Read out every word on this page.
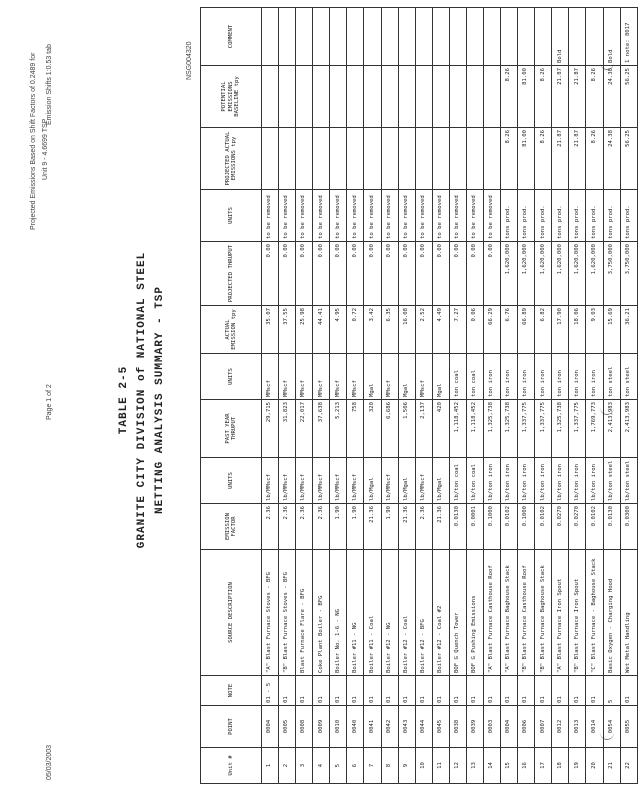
TABLE 2-5 GRANITE CITY DIVISION of NATIONAL STEEL NETTING ANALYSIS SUMMARY - TSP
Projected Emissions Based on Shift Factors of 0.2489 for Unit 9 - 4.6699 TSP
NSG004320
05/03/2003
Page 1 of 2
Emission Shifts 1:0.53 tab
Unit #	POINT	NOTE	SOURCE DESCRIPTION	EMISSION FACTOR	UNITS	PAST YEAR THRUPUT	UNITS	ACTUAL EMISSION tpy	PROJECTED THRUPUT	UNITS	PROJECTED ACTUAL EMISSIONS tpy	POTENTIAL EMISSIONS BASELINE tpy	COMMENT
1	0004	01 - 5	"A" Blast Furnace Stoves - BFG	2.36	lb/MMscf	29,715	MMscf	35.07	0.00	to be removed			
2	0005	01	"B" Blast Furnace Stoves - BFG	2.36	lb/MMscf	31,823	MMscf	37.55	0.00	to be removed			
3	0008	01	Blast Furnace Flare - BFG	2.36	lb/MMscf	22,017	MMscf	25.98	0.00	to be removed			
4	0009	01	Coke Plant Boiler - BFG	2.36	lb/MMscf	37,638	MMscf	44.41	0.00	to be removed			
5	0010	01	Boiler No. 1-6 - NG	1.90	lb/MMscf	5,213	MMscf	4.95	0.00	to be removed			
6	0040	01	Boiler #11 - NG	1.90	lb/MMscf	758	MMscf	0.72	0.00	to be removed			
7	0041	01	Boiler #11 - Coal	21.36	lb/Mgal	320	Mgal	3.42	0.00	to be removed			
8	0042	01	Boiler #12 - NG	1.90	lb/MMscf	6,686	MMscf	6.35	0.00	to be removed			
9	0043	01	Boiler #12 - Coal	21.36	lb/Mgal	1,506	Mgal	16.08	0.00	to be removed			
10	0044	01	Boiler #12 - BFG	2.36	lb/MMscf	2,137	MMscf	2.52	0.00	to be removed			
11	0045	01	Boiler #12 - Coal #2	21.36	lb/Mgal	420	Mgal	4.49	0.00	to be removed			
12	0038	01	BOF G Quench Tower	0.0130	lb/ton coal	1,118,452	ton coal	7.27	0.00	to be removed			
13	0039	01	BOF G Pushing Emissions	0.0001	lb/ton coal	1,118,452	ton coal	0.06	0.00	to be removed			
14	0003	01	"A" Blast Furnace Casthouse Roof	0.1000	lb/ton iron	1,325,738	ton iron	66.29	0.00	to be removed			
15	0004	01	"A" Blast Furnace Baghouse Stack	0.0102	lb/ton iron	1,325,738	ton iron	6.76	1,620,000	tons prod.	8.26	8.26	
16	0006	01	"B" Blast Furnace Casthouse Roof	0.1000	lb/ton iron	1,337,775	ton iron	66.89	1,620,000	tons prod.	81.00	81.00	
17	0007	01	"B" Blast Furnace Baghouse Stack	0.0102	lb/ton iron	1,337,775	ton iron	6.82	1,620,000	tons prod.	8.26	8.26	
18	0012	01	"A" Blast Furnace Iron Spout	0.0270	lb/ton iron	1,325,738	ton iron	17.90	1,620,000	tons prod.	21.87	21.87	Bold
19	0013	01	"B" Blast Furnace Iron Spout	0.0270	lb/ton iron	1,337,775	ton iron	18.06	1,620,000	tons prod.	21.87	21.87	
20	0014	01	"C" Blast Furnace - Baghouse Stack	0.0102	lb/ton iron	1,769,773	ton iron	9.03	1,620,000	tons prod.	8.26	8.26	
21	0054	5	Basic Oxygen - Charging Hood	0.0130	lb/ton steel	2,413,983	ton steel	15.69	3,750,000	tons prod.	24.38	24.38	Bold
22	0055	01	Wet Metal Handling	0.0300	lb/ton steel	2,413,983	ton steel	36.21	3,750,000	tons prod.	56.25	56.25	1 note: 8017
